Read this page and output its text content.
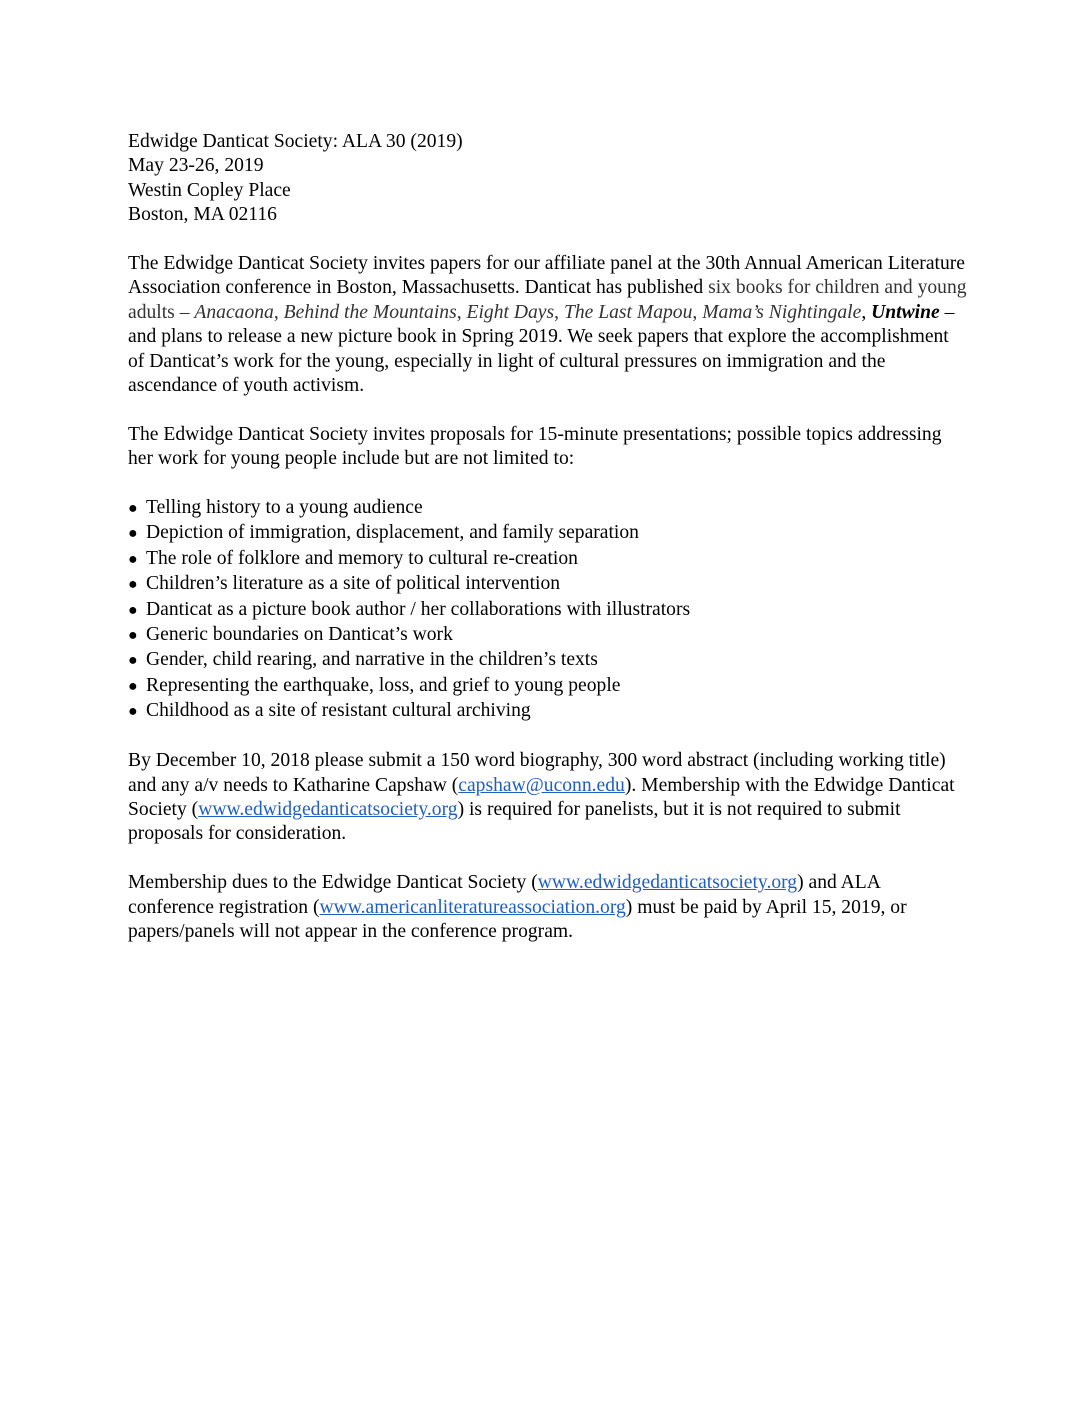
Edwidge Danticat Society: ALA 30 (2019)
May 23-26, 2019
Westin Copley Place
Boston, MA 02116

The Edwidge Danticat Society invites papers for our affiliate panel at the 30th Annual American Literature Association conference in Boston, Massachusetts. Danticat has published six books for children and young adults – Anacaona, Behind the Mountains, Eight Days, The Last Mapou, Mama’s Nightingale, Untwine – and plans to release a new picture book in Spring 2019. We seek papers that explore the accomplishment of Danticat’s work for the young, especially in light of cultural pressures on immigration and the ascendance of youth activism.

The Edwidge Danticat Society invites proposals for 15-minute presentations; possible topics addressing her work for young people include but are not limited to:

● Telling history to a young audience
● Depiction of immigration, displacement, and family separation
● The role of folklore and memory to cultural re-creation
● Children’s literature as a site of political intervention
● Danticat as a picture book author / her collaborations with illustrators
● Generic boundaries on Danticat’s work
● Gender, child rearing, and narrative in the children’s texts
● Representing the earthquake, loss, and grief to young people
● Childhood as a site of resistant cultural archiving

By December 10, 2018 please submit a 150 word biography, 300 word abstract (including working title) and any a/v needs to Katharine Capshaw (capshaw@uconn.edu). Membership with the Edwidge Danticat Society (www.edwidgedanticatsociety.org) is required for panelists, but it is not required to submit proposals for consideration.

Membership dues to the Edwidge Danticat Society (www.edwidgedanticatsociety.org) and ALA conference registration (www.americanliteratureassociation.org) must be paid by April 15, 2019, or papers/panels will not appear in the conference program.
